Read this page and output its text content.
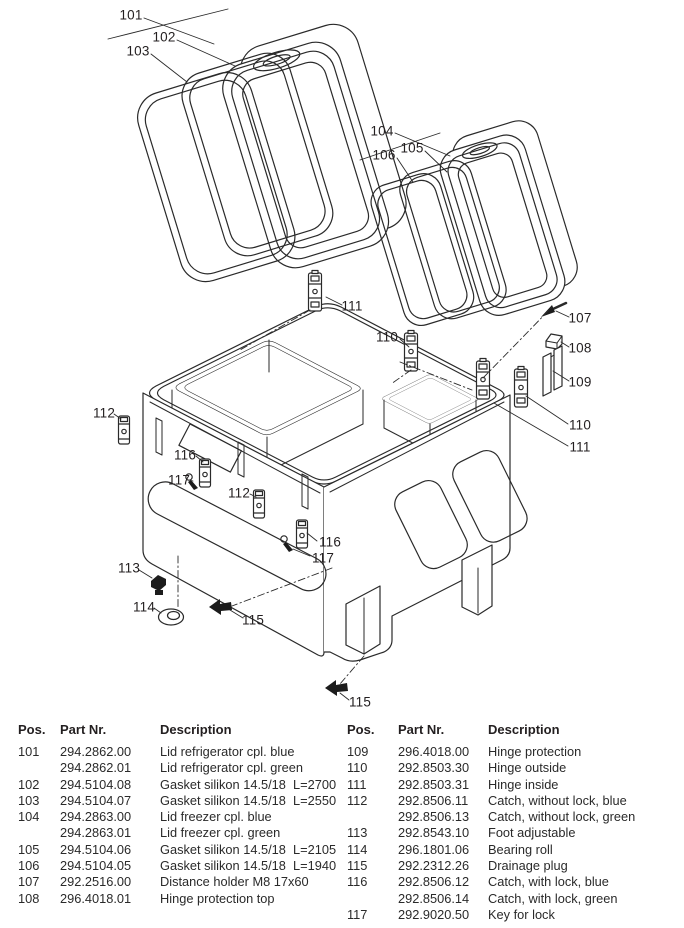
101
102
103
104
105
106
107
108
109
110
111
110
111
112
116
117
112
116
117
113
114
115
115
Pos.	Part Nr.	Description
101	294.2862.00	Lid refrigerator cpl. blue
	294.2862.01	Lid refrigerator cpl. green
102	294.5104.08	Gasket silikon 14.5/18  L=2700
103	294.5104.07	Gasket silikon 14.5/18  L=2550
104	294.2863.00	Lid freezer cpl. blue
	294.2863.01	Lid freezer cpl. green
105	294.5104.06	Gasket silikon 14.5/18  L=2105
106	294.5104.05	Gasket silikon 14.5/18  L=1940
107	292.2516.00	Distance holder M8 17x60
108	296.4018.01	Hinge protection top
Pos.	Part Nr.	Description
109	296.4018.00	Hinge protection
110	292.8503.30	Hinge outside
111	292.8503.31	Hinge inside
112	292.8506.11	Catch, without lock, blue
	292.8506.13	Catch, without lock, green
113	292.8543.10	Foot adjustable
114	296.1801.06	Bearing roll
115	292.2312.26	Drainage plug
116	292.8506.12	Catch, with lock, blue
	292.8506.14	Catch, with lock, green
117	292.9020.50	Key for lock
